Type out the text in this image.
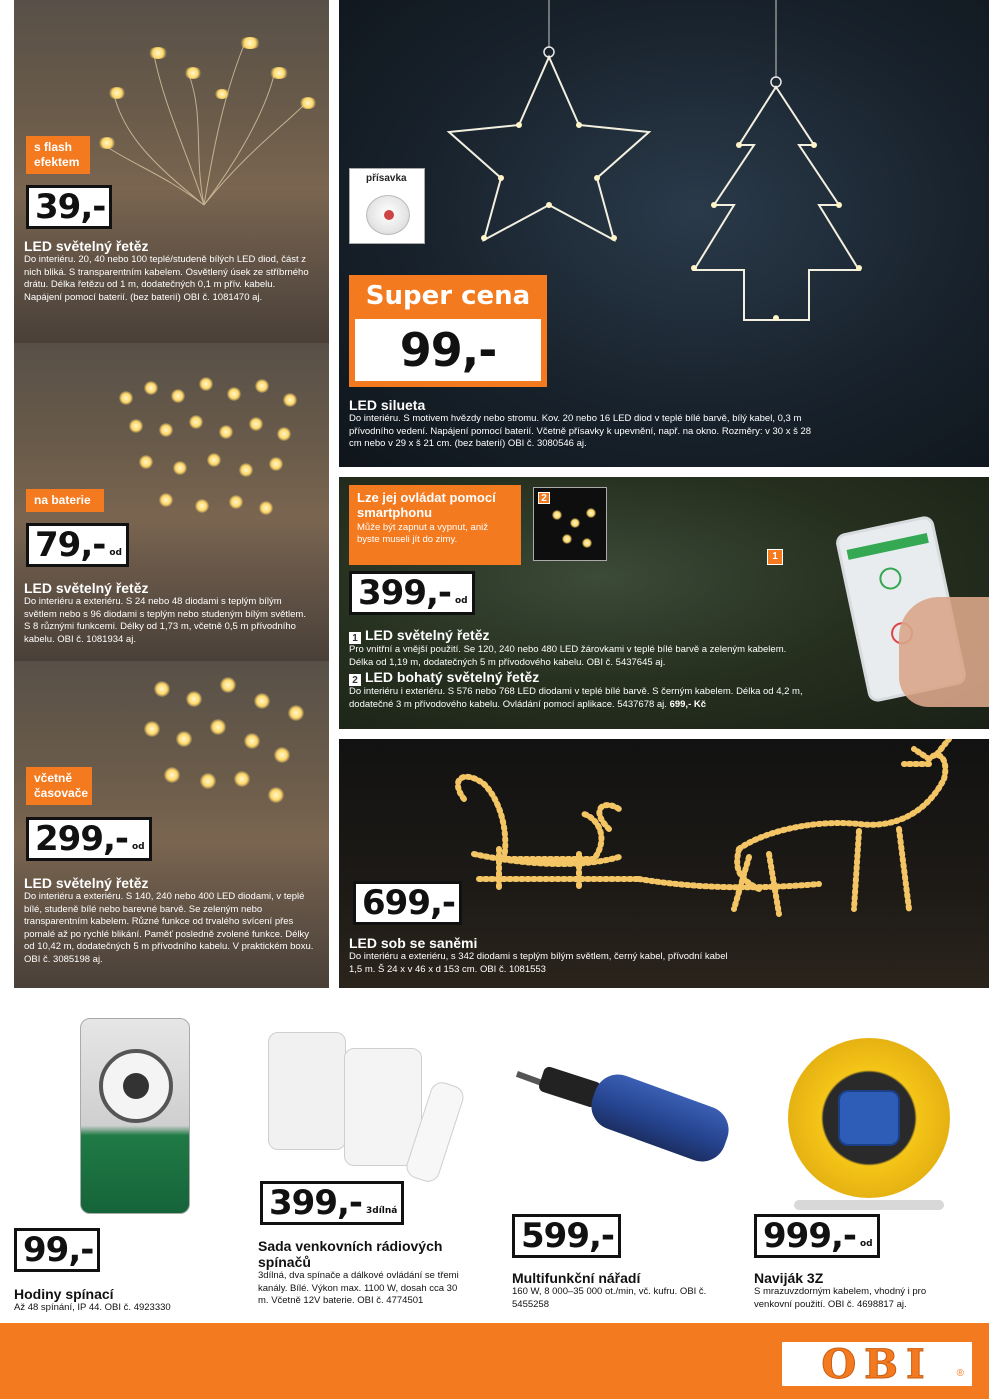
s flash efektem
39,-
LED světelný řetěz
Do interiéru. 20, 40 nebo 100 teplé/studeně bílých LED diod, část z nich bliká. S transparentním kabelem. Osvětlený úsek ze stříbrného drátu. Délka řetězu od 1 m, dodatečných 0,1 m přív. kabelu. Napájení pomocí baterií. (bez baterií) OBI č. 1081470 aj.
na baterie
79,- od
LED světelný řetěz
Do interiéru a exteriéru. S 24 nebo 48 diodami s teplým bílým světlem nebo s 96 diodami s teplým nebo studeným bílým světlem. S 8 různými funkcemi. Délky od 1,73 m, včetně 0,5 m přívodního kabelu. OBI č. 1081934 aj.
včetně časovače
299,- od
LED světelný řetěz
Do interiéru a exteriéru. S 140, 240 nebo 400 LED diodami, v teplé bílé, studeně bílé nebo barevné barvě. Se zeleným nebo transparentním kabelem. Různé funkce od trvalého svícení přes pomalé až po rychlé blikání. Paměť posledně zvolené funkce. Délky od 10,42 m, dodatečných 5 m přívodního kabelu. V praktickém boxu. OBI č. 3085198 aj.
přísavka
Super cena
99,-
LED silueta
Do interiéru. S motivem hvězdy nebo stromu. Kov. 20 nebo 16 LED diod v teplé bílé barvě, bílý kabel, 0,3 m přívodního vedení. Napájení pomocí baterií. Včetně přísavky k upevnění, např. na okno. Rozměry: v 30 x š 28 cm nebo v 29 x š 21 cm. (bez baterií) OBI č. 3080546 aj.
Lze jej ovládat pomocí smartphonu
Může být zapnut a vypnut, aniž byste museli jít do zimy.
2
1
399,- od
1 LED světelný řetěz
Pro vnitřní a vnější použití. Se 120, 240 nebo 480 LED žárovkami v teplé bílé barvě a zeleným kabelem. Délka od 1,19 m, dodatečných 5 m přívodového kabelu. OBI č. 5437645 aj.
2 LED bohatý světelný řetěz
Do interiéru i exteriéru. S 576 nebo 768 LED diodami v teplé bílé barvě. S černým kabelem. Délka od 4,2 m, dodatečné 3 m přívodového kabelu. Ovládání pomocí aplikace. 5437678 aj. 699,- Kč
699,-
LED sob se saněmi
Do interiéru a exteriéru, s 342 diodami s teplým bílým světlem, černý kabel, přívodní kabel 1,5 m. Š 24 x v 46 x d 153 cm. OBI č. 1081553
99,-
Hodiny spínací
Až 48 spínání, IP 44. OBI č. 4923330
399,- 3dílná
Sada venkovních rádiových spínačů
3dílná, dva spínače a dálkové ovládání se třemi kanály. Bílé. Výkon max. 1100 W, dosah cca 30 m. Včetně 12V baterie. OBI č. 4774501
599,-
Multifunkční nářadí
160 W, 8 000–35 000 ot./min, vč. kufru. OBI č. 5455258
999,- od
Naviják 3Z
S mrazuvzdorným kabelem, vhodný i pro venkovní použití. OBI č. 4698817 aj.
OBI $_®$
